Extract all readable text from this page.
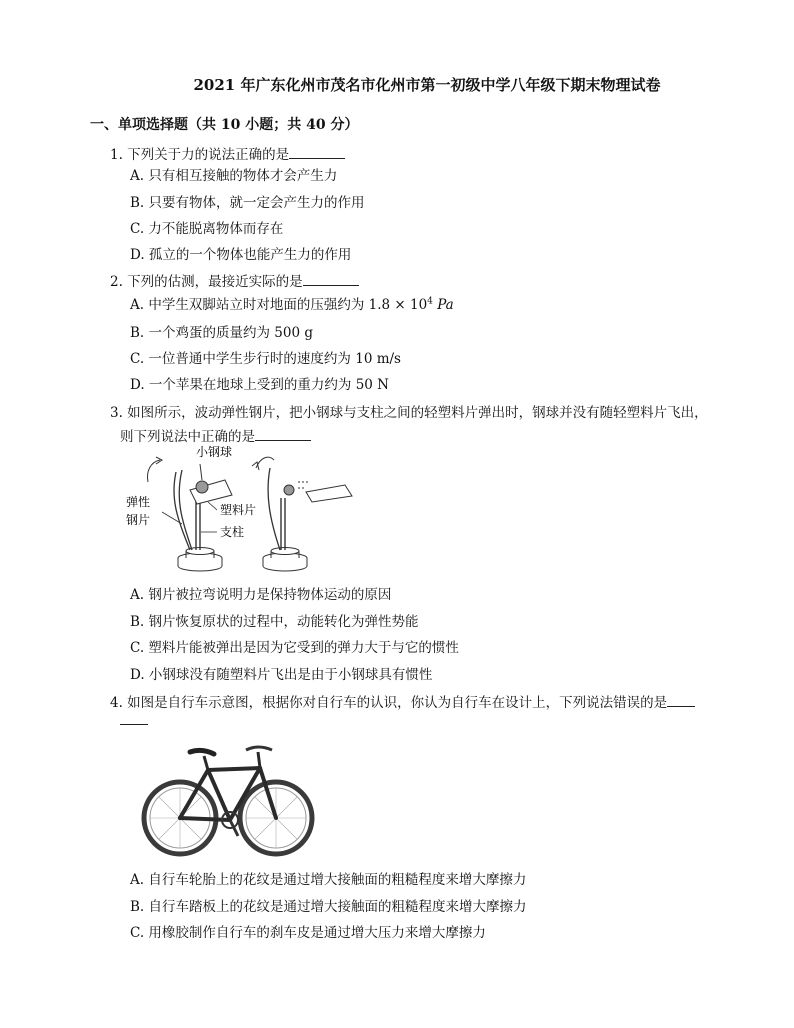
2021 年广东化州市茂名市化州市第一初级中学八年级下期末物理试卷
一、单项选择题（共 10 小题；共 40 分）
1. 下列关于力的说法正确的是
A. 只有相互接触的物体才会产生力
B. 只要有物体，就一定会产生力的作用
C. 力不能脱离物体而存在
D. 孤立的一个物体也能产生力的作用
2. 下列的估测，最接近实际的是
A. 中学生双脚站立时对地面的压强约为 $1.8 \times 10^4$ Pa
B. 一个鸡蛋的质量约为 500 g
C. 一位普通中学生步行时的速度约为 10 m/s
D. 一个苹果在地球上受到的重力约为 50 N
3. 如图所示，波动弹性钢片，把小钢球与支柱之间的轻塑料片弹出时，钢球并没有随轻塑料片飞出，
则下列说法中正确的是
小钢球
弹性
钢片
塑料片
支柱
A. 钢片被拉弯说明力是保持物体运动的原因
B. 钢片恢复原状的过程中，动能转化为弹性势能
C. 塑料片能被弹出是因为它受到的弹力大于与它的惯性
D. 小钢球没有随塑料片飞出是由于小钢球具有惯性
4. 如图是自行车示意图，根据你对自行车的认识，你认为自行车在设计上，下列说法错误的是
A. 自行车轮胎上的花纹是通过增大接触面的粗糙程度来增大摩擦力
B. 自行车踏板上的花纹是通过增大接触面的粗糙程度来增大摩擦力
C. 用橡胶制作自行车的刹车皮是通过增大压力来增大摩擦力
